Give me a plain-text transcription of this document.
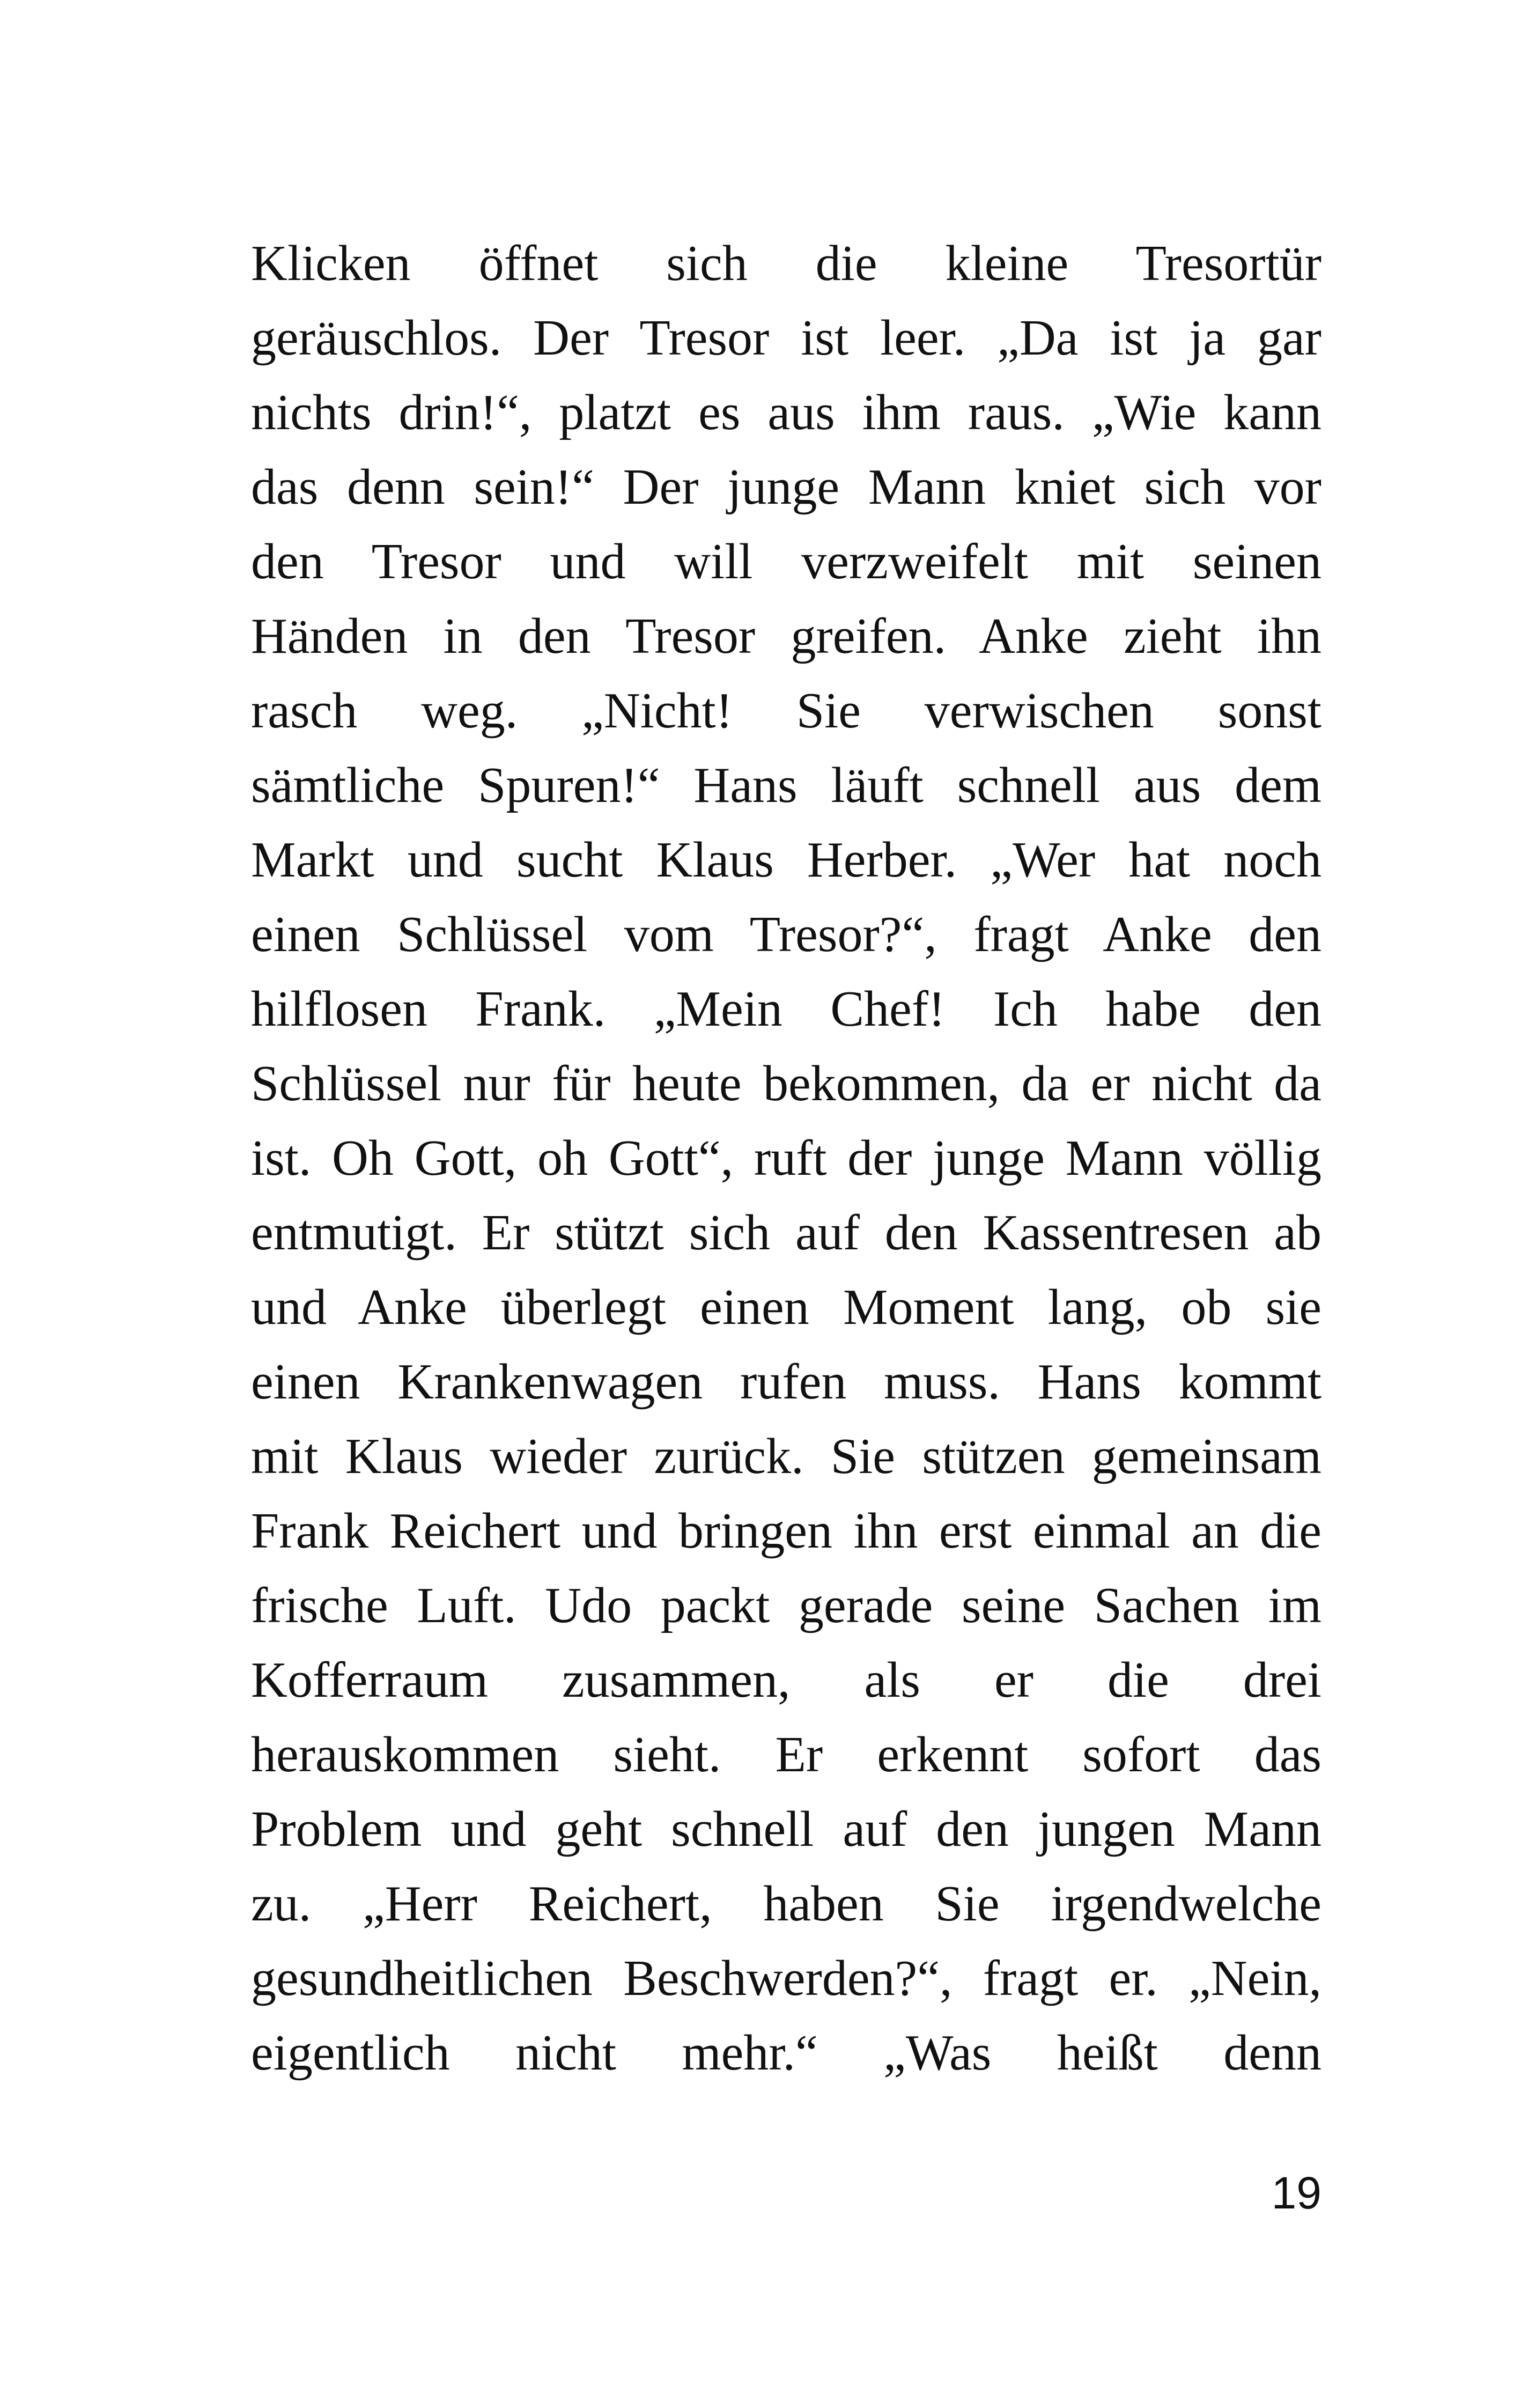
Klicken öffnet sich die kleine Tresortür
geräuschlos. Der Tresor ist leer. „Da ist ja gar
nichts drin!“, platzt es aus ihm raus. „Wie kann
das denn sein!“ Der junge Mann kniet sich vor
den Tresor und will verzweifelt mit seinen
Händen in den Tresor greifen. Anke zieht ihn
rasch weg. „Nicht! Sie verwischen sonst
sämtliche Spuren!“ Hans läuft schnell aus dem
Markt und sucht Klaus Herber. „Wer hat noch
einen Schlüssel vom Tresor?“, fragt Anke den
hilflosen Frank. „Mein Chef! Ich habe den
Schlüssel nur für heute bekommen, da er nicht da
ist. Oh Gott, oh Gott“, ruft der junge Mann völlig
entmutigt. Er stützt sich auf den Kassentresen ab
und Anke überlegt einen Moment lang, ob sie
einen Krankenwagen rufen muss. Hans kommt
mit Klaus wieder zurück. Sie stützen gemeinsam
Frank Reichert und bringen ihn erst einmal an die
frische Luft. Udo packt gerade seine Sachen im
Kofferraum zusammen, als er die drei
herauskommen sieht. Er erkennt sofort das
Problem und geht schnell auf den jungen Mann
zu. „Herr Reichert, haben Sie irgendwelche
gesundheitlichen Beschwerden?“, fragt er. „Nein,
eigentlich nicht mehr.“ „Was heißt denn
19
